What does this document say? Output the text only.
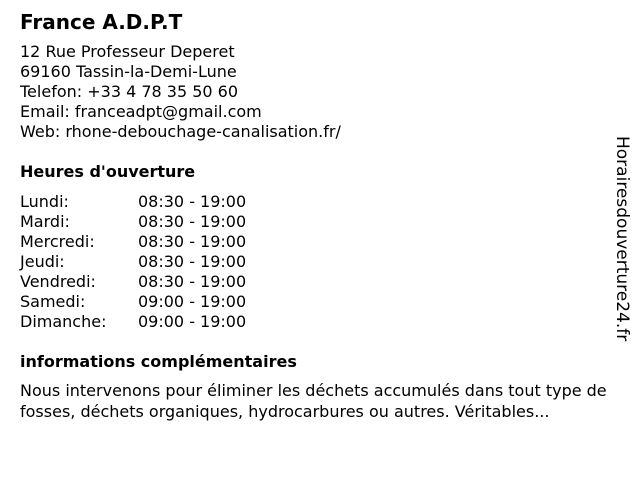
France A.D.P.T
12 Rue Professeur Deperet
69160 Tassin-la-Demi-Lune
Telefon: +33 4 78 35 50 60
Email: franceadpt@gmail.com
Web: rhone-debouchage-canalisation.fr/
Heures d'ouverture
Lundi:	08:30 - 19:00
Mardi:	08:30 - 19:00
Mercredi:	08:30 - 19:00
Jeudi:	08:30 - 19:00
Vendredi:	08:30 - 19:00
Samedi:	09:00 - 19:00
Dimanche:	09:00 - 19:00
informations complémentaires
Nous intervenons pour éliminer les déchets accumulés dans tout type de fosses, déchets organiques, hydrocarbures ou autres. Véritables...
Horairesdouverture24.fr
